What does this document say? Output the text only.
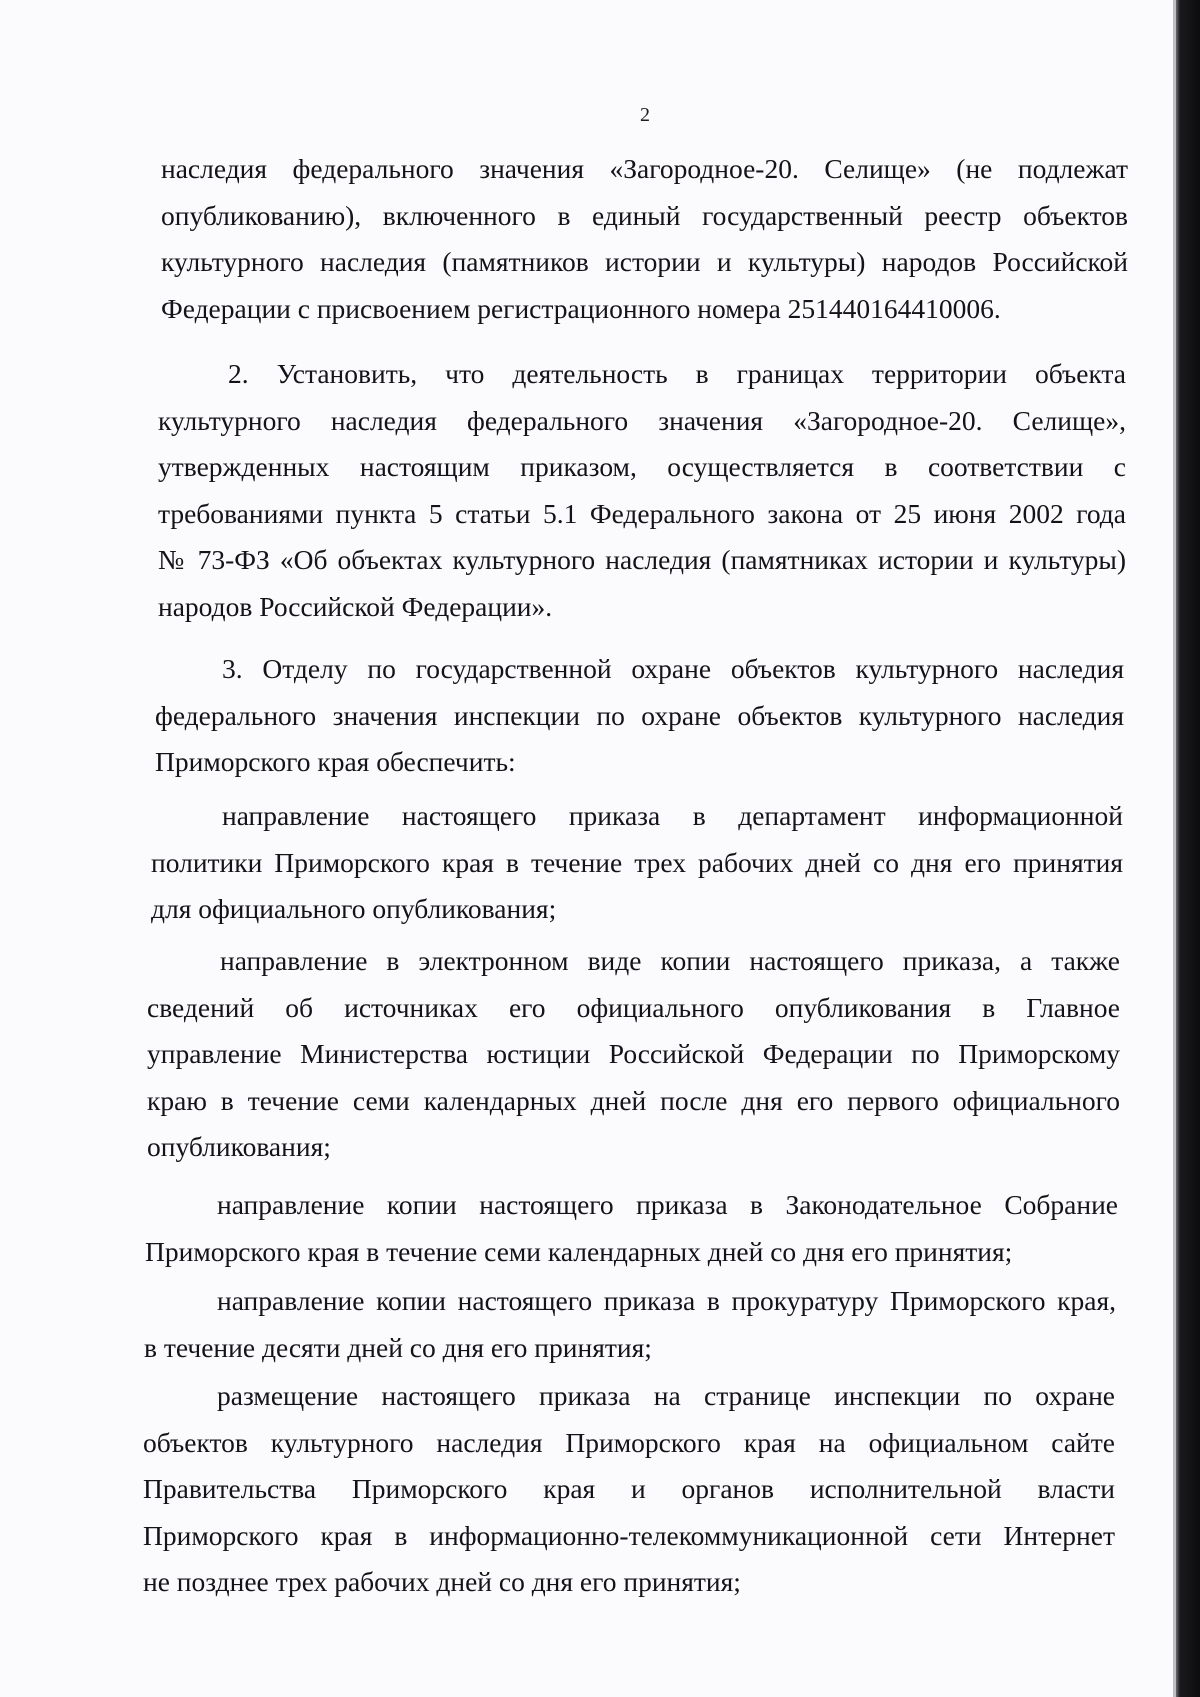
2
наследия федерального значения «Загородное-20. Селище» (не подлежат
опубликованию), включенного в единый государственный реестр объектов
культурного наследия (памятников истории и культуры) народов Российской
Федерации с присвоением регистрационного номера 251440164410006.
2. Установить, что деятельность в границах территории объекта
культурного наследия федерального значения «Загородное-20. Селище»,
утвержденных настоящим приказом, осуществляется в соответствии с
требованиями пункта 5 статьи 5.1 Федерального закона от 25 июня 2002 года
№ 73-ФЗ «Об объектах культурного наследия (памятниках истории и культуры)
народов Российской Федерации».
3. Отделу по государственной охране объектов культурного наследия
федерального значения инспекции по охране объектов культурного наследия
Приморского края обеспечить:
направление настоящего приказа в департамент информационной
политики Приморского края в течение трех рабочих дней со дня его принятия
для официального опубликования;
направление в электронном виде копии настоящего приказа, а также
сведений об источниках его официального опубликования в Главное
управление Министерства юстиции Российской Федерации по Приморскому
краю в течение семи календарных дней после дня его первого официального
опубликования;
направление копии настоящего приказа в Законодательное Собрание
Приморского края в течение семи календарных дней со дня его принятия;
направление копии настоящего приказа в прокуратуру Приморского края,
в течение десяти дней со дня его принятия;
размещение настоящего приказа на странице инспекции по охране
объектов культурного наследия Приморского края на официальном сайте
Правительства Приморского края и органов исполнительной власти
Приморского края в информационно-телекоммуникационной сети Интернет
не позднее трех рабочих дней со дня его принятия;
